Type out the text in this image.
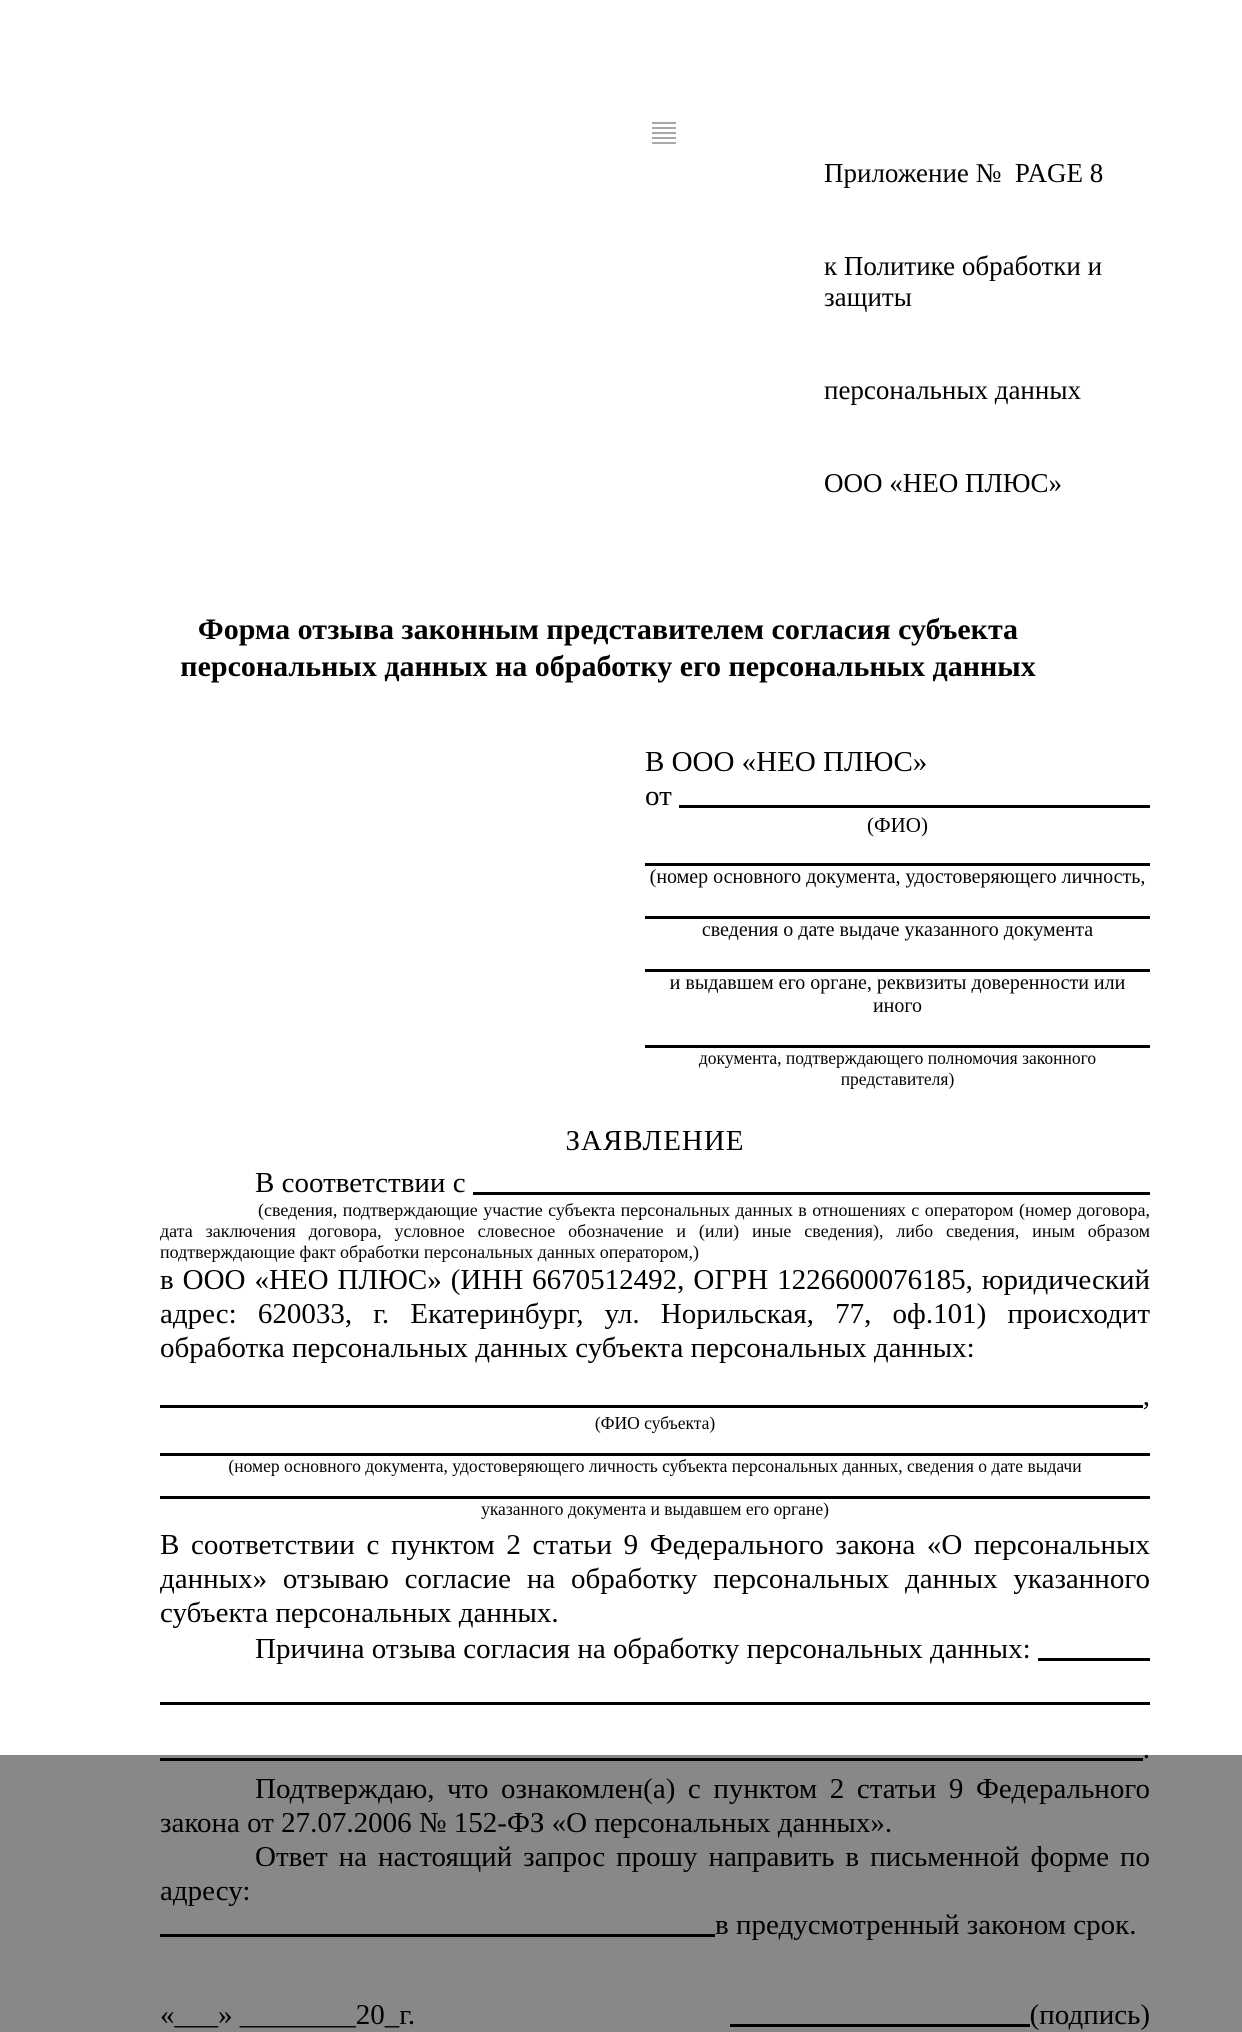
Приложение №  PAGE 8

к Политике обработки и защиты

персональных данных

ООО «НЕО ПЛЮС»

Форма отзыва законным представителем согласия субъекта
персональных данных на обработку его персональных данных
В ООО «НЕО ПЛЮС»
от
(ФИО)
(номер основного документа, удостоверяющего личность,
сведения о дате выдаче указанного документа
и выдавшем его органе, реквизиты доверенности или иного
документа, подтверждающего полномочия законного представителя)
ЗАЯВЛЕНИЕ
В соответствии с
(сведения, подтверждающие участие субъекта персональных данных в отношениях с оператором (номер договора, дата заключения договора, условное словесное обозначение и (или) иные сведения), либо сведения, иным образом подтверждающие факт обработки персональных данных оператором,)
в ООО «НЕО ПЛЮС» (ИНН 6670512492, ОГРН 1226600076185, юридический адрес: 620033, г. Екатеринбург, ул. Норильская, 77, оф.101) происходит обработка персональных данных субъекта персональных данных:
,
(ФИО субъекта)
(номер основного документа, удостоверяющего личность субъекта персональных данных, сведения о дате выдачи
указанного документа и выдавшем его органе)
В соответствии с пунктом 2 статьи 9 Федерального закона «О персональных данных» отзываю согласие на обработку персональных данных указанного субъекта персональных данных.
Причина отзыва согласия на обработку персональных данных:
.
Подтверждаю, что ознакомлен(а) с пунктом 2 статьи 9 Федерального закона от 27.07.2006 № 152-ФЗ «О персональных данных».
Ответ на настоящий запрос прошу направить в письменной форме по адресу:
в предусмотренный законом срок.
«___» ________20_г.	(подпись)
